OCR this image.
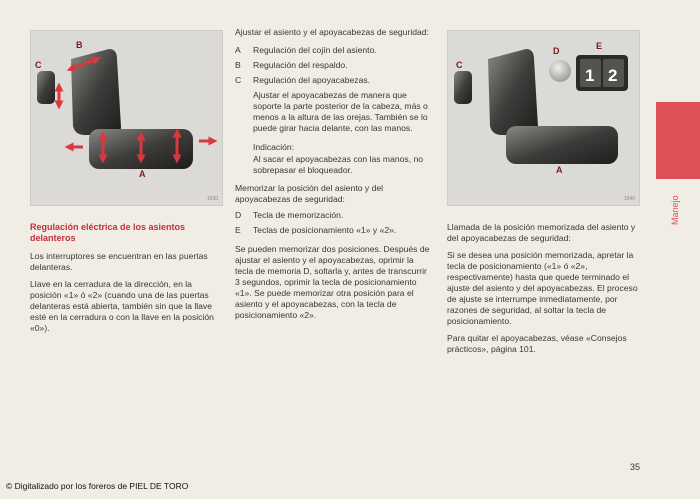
C
B
A
1030
Regulación eléctrica de los asientos delanteros

Los interruptores se encuentran en las puertas delanteras.

Llave en la cerradura de la dirección, en la posición «1» ó «2» (cuando una de las puertas delanteras está abierta, también sin que la llave esté en la cerradura o con la llave en la posición «0»).

Ajustar el asiento y el apoyacabezas de seguridad:

A	Regulación del cojín del asiento.
B	Regulación del respaldo.
C	Regulación del apoyacabezas.

Ajustar el apoyacabezas de manera que soporte la parte posterior de la cabeza, más o menos a la altura de las orejas. También se lo puede girar hacia delante, con las manos.

Indicación:
Al sacar el apoyacabezas con las manos, no sobrepasar el bloqueador.

Memorizar la posición del asiento y del apoyacabezas de seguridad:

D	Tecla de memorización.
E	Teclas de posicionamiento «1» y «2».

Se pueden memorizar dos posiciones. Después de ajustar el asiento y el apoyacabezas, oprimir la tecla de memoria D, soltarla y, antes de transcurrir 3 segundos, oprimir la tecla de posicionamiento «1». Se puede memorizar otra posición para el asiento y el apoyacabezas, con la tecla de posicionamiento «2».

1 2
C
D	E
A
1040

Llamada de la posición memorizada del asiento y del apoyacabezas de seguridad:

Si se desea una posición memorizada, apretar la tecla de posicionamiento («1» ó «2», respectivamente) hasta que quede terminado el ajuste del asiento y del apoyacabezas. El proceso de ajuste se interrumpe inmediatamente, por razones de seguridad, al soltar la tecla de posicionamiento.

Para quitar el apoyacabezas, véase «Consejos prácticos», página 101.

Manejo
35
© Digitalizado por los foreros de PIEL DE TORO
